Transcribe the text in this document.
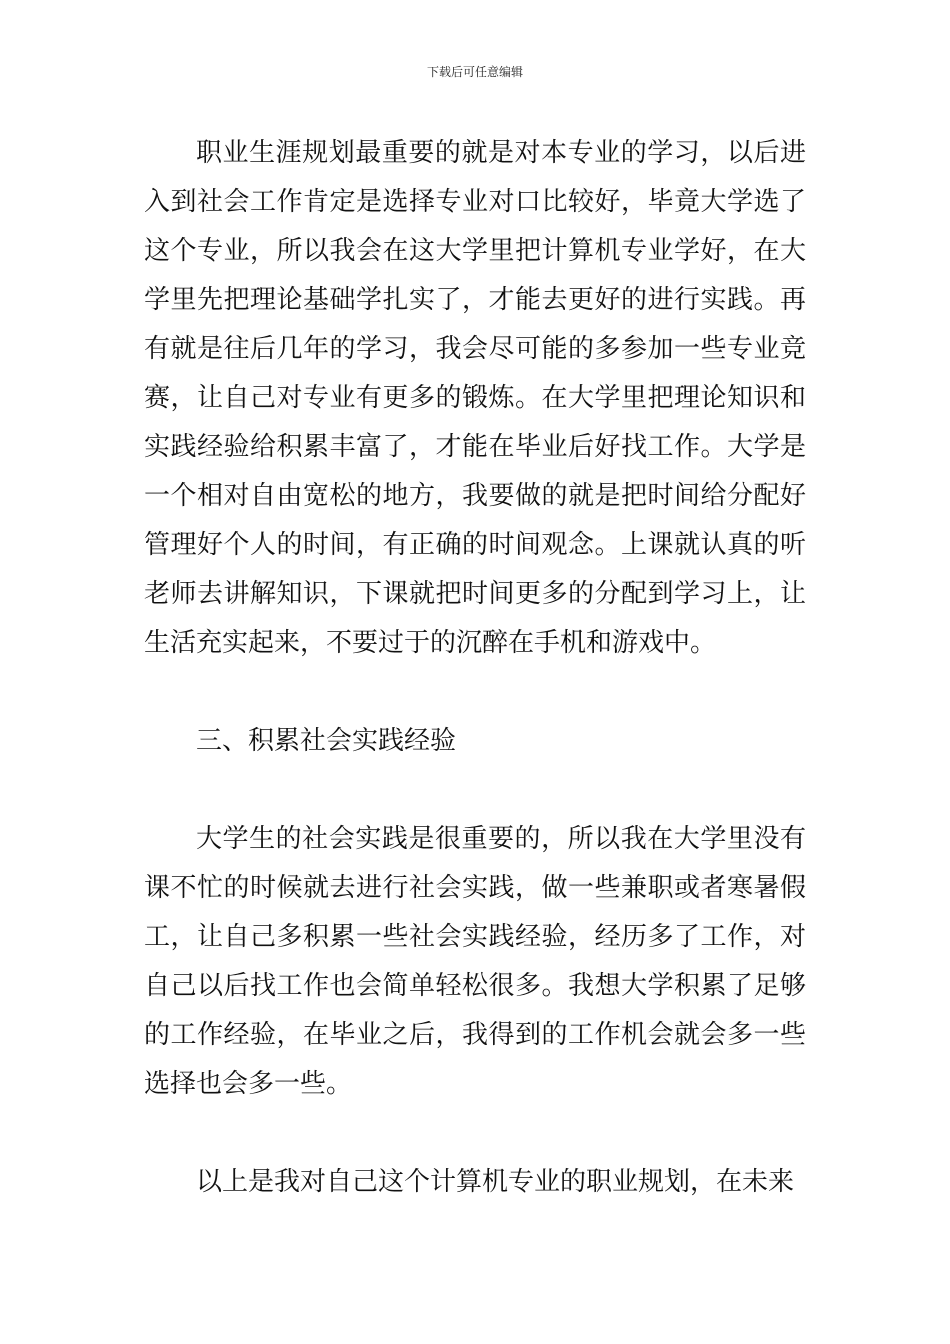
下载后可任意编辑

职业生涯规划最重要的就是对本专业的学习，以后进入到社会工作肯定是选择专业对口比较好，毕竟大学选了这个专业，所以我会在这大学里把计算机专业学好，在大学里先把理论基础学扎实了，才能去更好的进行实践。再有就是往后几年的学习，我会尽可能的多参加一些专业竞赛，让自己对专业有更多的锻炼。在大学里把理论知识和实践经验给积累丰富了，才能在毕业后好找工作。大学是一个相对自由宽松的地方，我要做的就是把时间给分配好管理好个人的时间，有正确的时间观念。上课就认真的听老师去讲解知识，下课就把时间更多的分配到学习上，让生活充实起来，不要过于的沉醉在手机和游戏中。

三、积累社会实践经验

大学生的社会实践是很重要的，所以我在大学里没有课不忙的时候就去进行社会实践，做一些兼职或者寒暑假工，让自己多积累一些社会实践经验，经历多了工作，对自己以后找工作也会简单轻松很多。我想大学积累了足够的工作经验，在毕业之后，我得到的工作机会就会多一些选择也会多一些。

以上是我对自己这个计算机专业的职业规划，在未来
